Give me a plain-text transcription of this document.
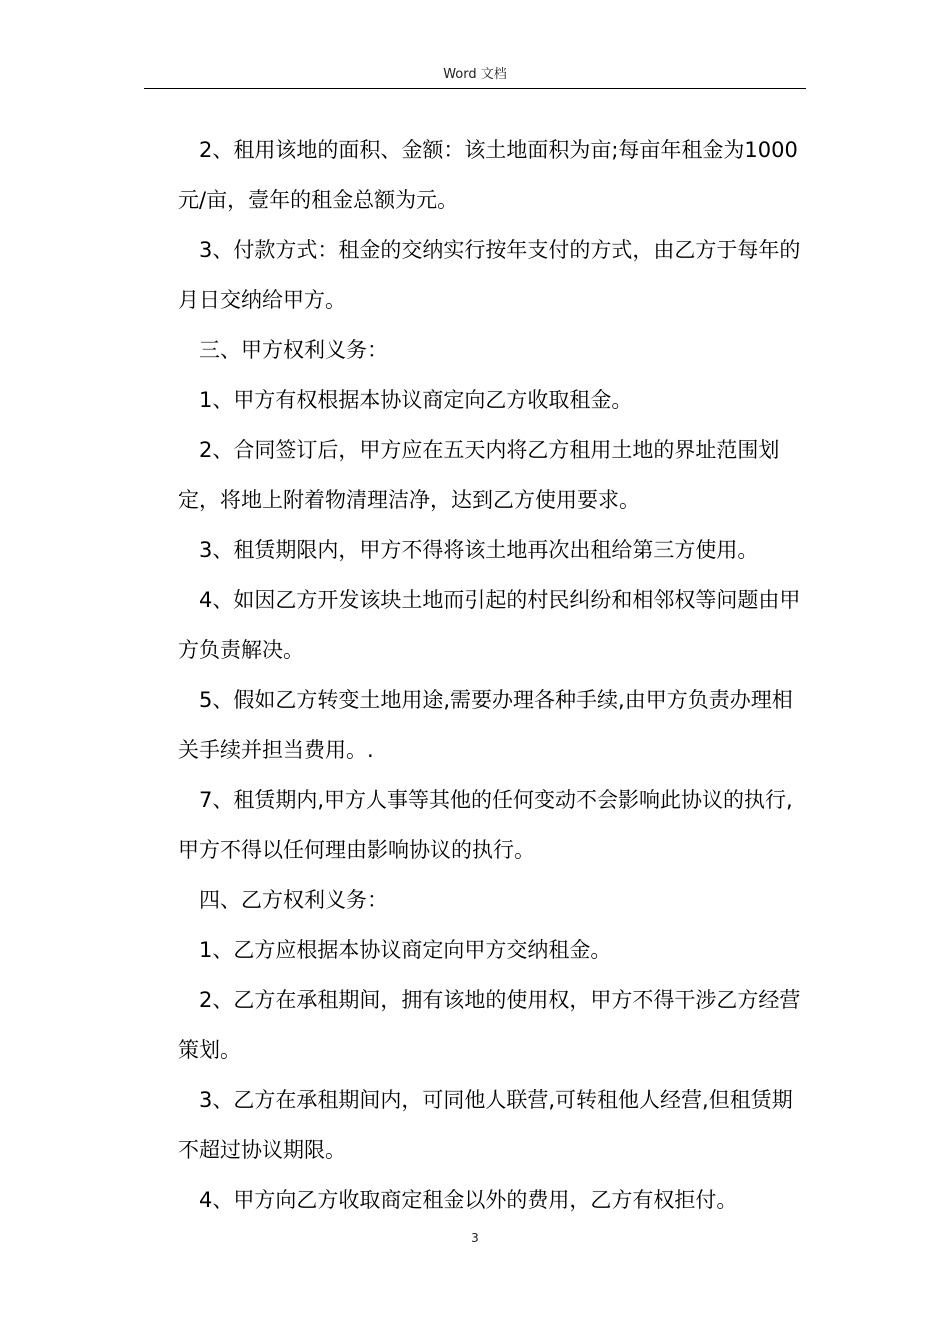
Word 文档

2、租用该地的面积、金额：该土地面积为亩;每亩年租金为1000元/亩，壹年的租金总额为元。

3、付款方式：租金的交纳实行按年支付的方式，由乙方于每年的月日交纳给甲方。

三、甲方权利义务：

1、甲方有权根据本协议商定向乙方收取租金。

2、合同签订后，甲方应在五天内将乙方租用土地的界址范围划定，将地上附着物清理洁净，达到乙方使用要求。

3、租赁期限内，甲方不得将该土地再次出租给第三方使用。

4、如因乙方开发该块土地而引起的村民纠纷和相邻权等问题由甲方负责解决。

5、假如乙方转变土地用途,需要办理各种手续,由甲方负责办理相关手续并担当费用。.

7、租赁期内,甲方人事等其他的任何变动不会影响此协议的执行,甲方不得以任何理由影响协议的执行。

四、乙方权利义务：

1、乙方应根据本协议商定向甲方交纳租金。

2、乙方在承租期间，拥有该地的使用权，甲方不得干涉乙方经营策划。

3、乙方在承租期间内，可同他人联营,可转租他人经营,但租赁期不超过协议期限。

4、甲方向乙方收取商定租金以外的费用，乙方有权拒付。

3
